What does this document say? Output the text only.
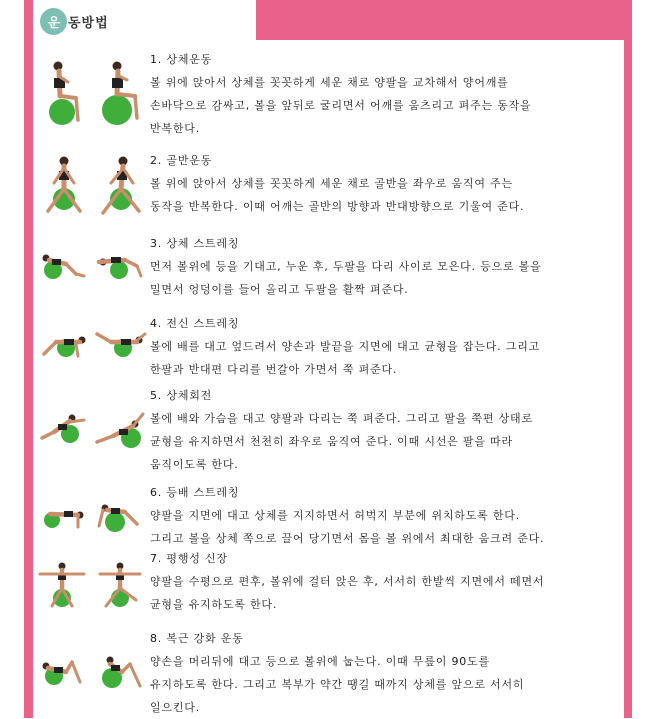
운 동방법
1. 상체운동
볼 위에 앉아서 상체를 꼿꼿하게 세운 채로 양팔을 교차해서 양어깨를
손바닥으로 감싸고, 볼을 앞뒤로 굴리면서 어깨를 움츠리고 펴주는 동작을
반복한다.
2. 골반운동
볼 위에 앉아서 상체를 꼿꼿하게 세운 채로 골반을 좌우로 움직여 주는
동작을 반복한다. 이때 어깨는 골반의 방향과 반대방향으로 기울여 준다.
3. 상체 스트레칭
먼저 볼위에 등을 기대고, 누운 후, 두팔을 다리 사이로 모은다. 등으로 볼을
밀면서 엉덩이를 들어 올리고 두팔을 활짝 펴준다.
4. 전신 스트레칭
볼에 배를 대고 엎드려서 양손과 발끝을 지면에 대고 균형을 잡는다. 그리고
한팔과 반대편 다리를 번갈아 가면서 쭉 펴준다.
5. 상체회전
볼에 배와 가슴을 대고 양팔과 다리는 쭉 펴준다. 그리고 팔을 쭉편 상태로
균형을 유지하면서 천천히 좌우로 움직여 준다. 이때 시선은 팔을 따라
움직이도록 한다.
6. 등배 스트레칭
양팔을 지면에 대고 상체를 지지하면서 허벅지 부분에 위치하도록 한다.
그리고 볼을 상체 쪽으로 끌어 당기면서 몸을 볼 위에서 최대한 움크려 준다.
7. 평행성 신장
양팔을 수평으로 편후, 볼위에 걸터 앉은 후, 서서히 한발씩 지면에서 떼면서
균형을 유지하도록 한다.
8. 복근 강화 운동
양손을 머리뒤에 대고 등으로 볼위에 눕는다. 이때 무릎이 90도를
유지하도록 한다. 그리고 복부가 약간 땡길 때까지 상체를 앞으로 서서히
일으킨다.
